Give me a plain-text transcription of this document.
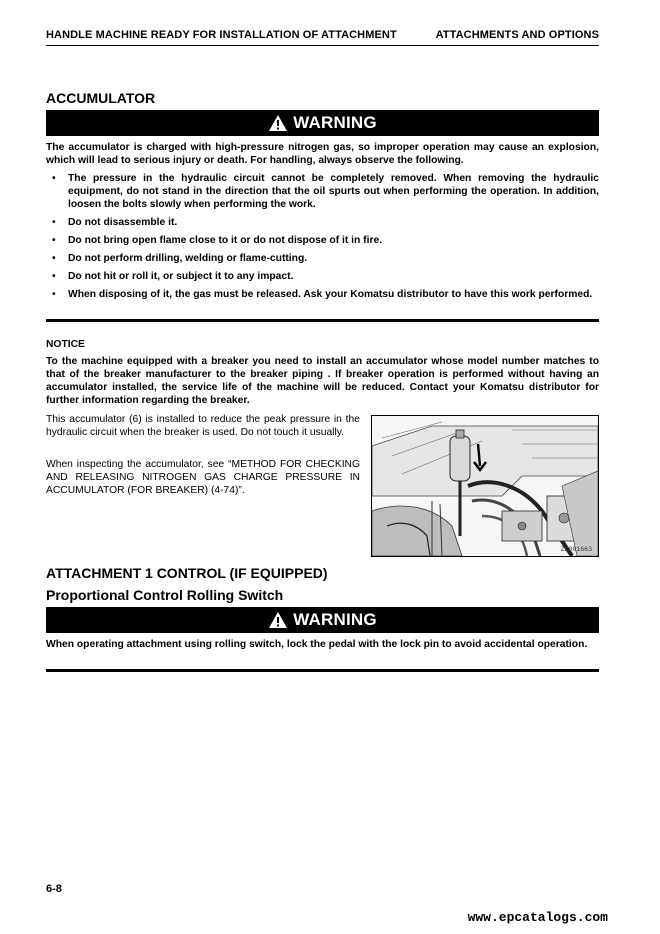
HANDLE MACHINE READY FOR INSTALLATION OF ATTACHMENT	ATTACHMENTS AND OPTIONS
ACCUMULATOR
WARNING
The accumulator is charged with high-pressure nitrogen gas, so improper operation may cause an explosion, which will lead to serious injury or death. For handling, always observe the following.
• The pressure in the hydraulic circuit cannot be completely removed. When removing the hydraulic equipment, do not stand in the direction that the oil spurts out when performing the operation. In addition, loosen the bolts slowly when performing the work.
• Do not disassemble it.
• Do not bring open flame close to it or do not dispose of it in fire.
• Do not perform drilling, welding or flame-cutting.
• Do not hit or roll it, or subject it to any impact.
• When disposing of it, the gas must be released. Ask your Komatsu distributor to have this work performed.
NOTICE
To the machine equipped with a breaker you need to install an accumulator whose model number matches to that of the breaker manufacturer to the breaker piping . If breaker operation is performed without having an accumulator installed, the service life of the machine will be reduced. Contact your Komatsu distributor for further information regarding the breaker.
This accumulator (6) is installed to reduce the peak pressure in the hydraulic circuit when the breaker is used. Do not touch it usually.
When inspecting the accumulator, see “METHOD FOR CHECKING AND RELEASING NITROGEN GAS CHARGE PRESSURE IN ACCUMULATOR (FOR BREAKER) (4-74)”.
ZZ001663
ATTACHMENT 1 CONTROL (IF EQUIPPED)
Proportional Control Rolling Switch
WARNING
When operating attachment using rolling switch, lock the pedal with the lock pin to avoid accidental operation.
6-8
www.epcatalogs.com
